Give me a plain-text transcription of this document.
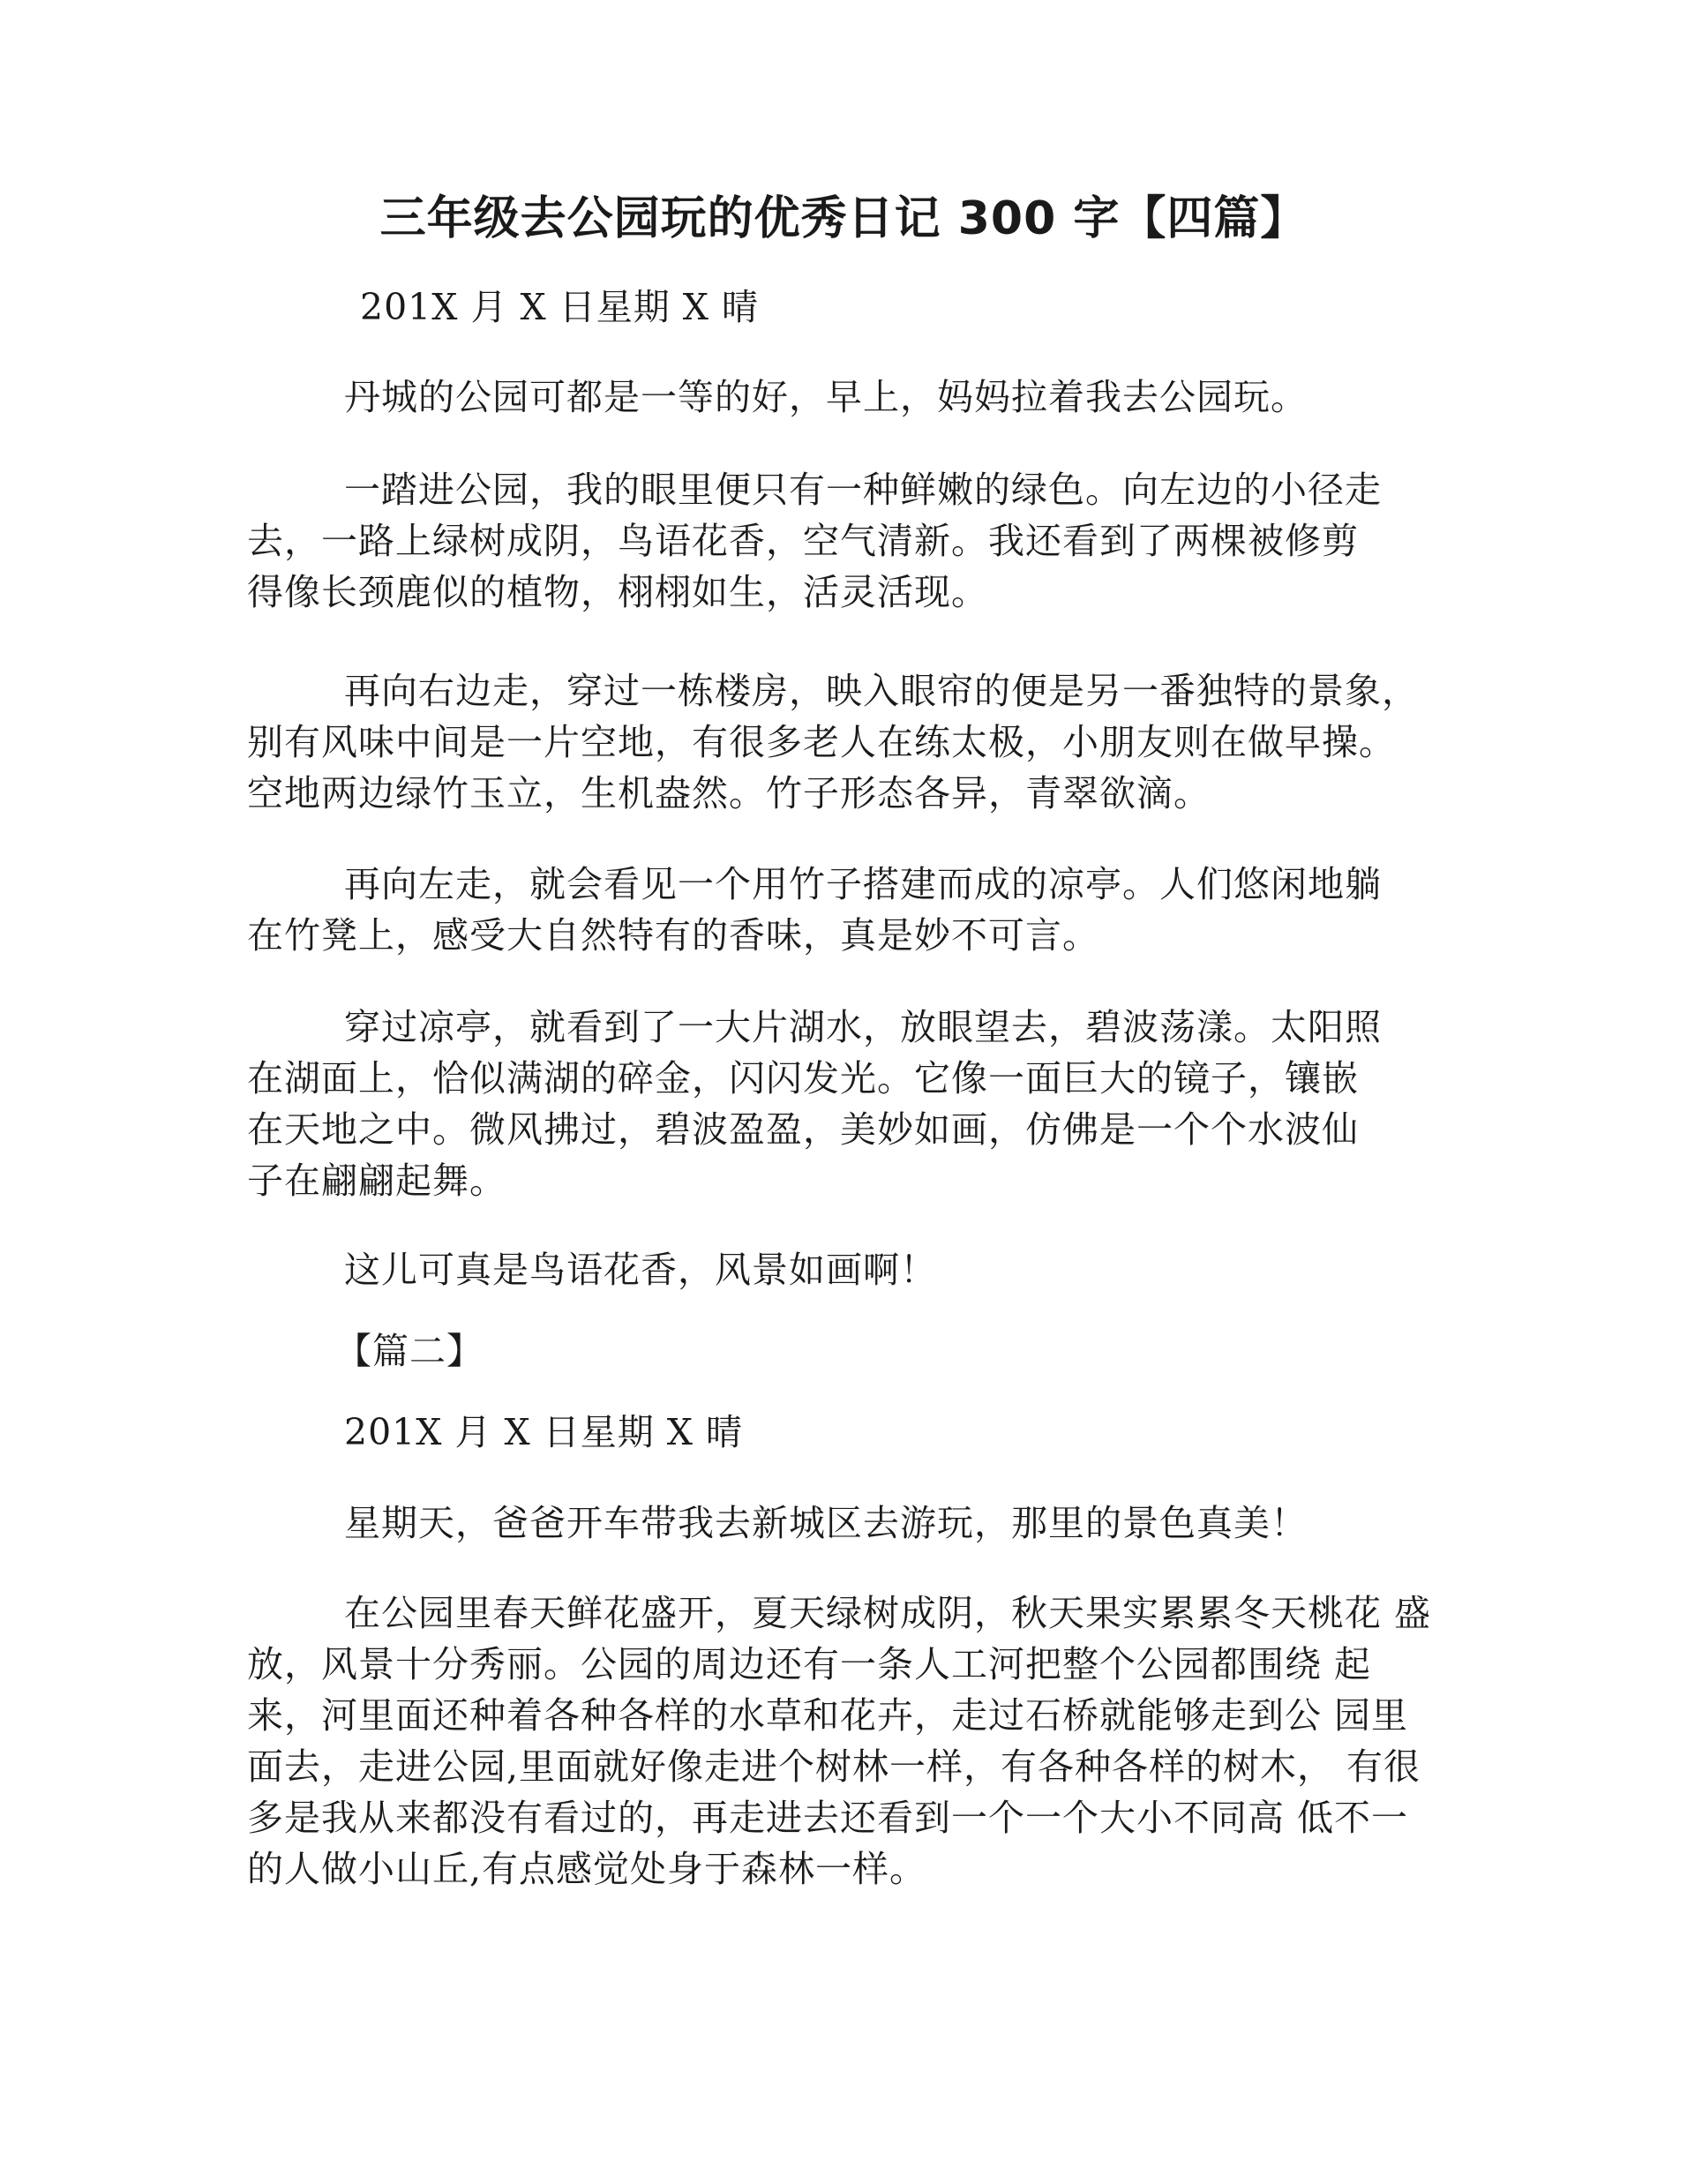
三年级去公园玩的优秀日记 300 字【四篇】

201X 月 X 日星期 X 晴

丹城的公园可都是一等的好，早上，妈妈拉着我去公园玩。

一踏进公园，我的眼里便只有一种鲜嫩的绿色。向左边的小径走

去，一路上绿树成阴，鸟语花香，空气清新。我还看到了两棵被修剪

得像长颈鹿似的植物，栩栩如生，活灵活现。

再向右边走，穿过一栋楼房，映入眼帘的便是另一番独特的景象，

别有风味中间是一片空地，有很多老人在练太极，小朋友则在做早操。

空地两边绿竹玉立，生机盎然。竹子形态各异，青翠欲滴。

再向左走，就会看见一个用竹子搭建而成的凉亭。人们悠闲地躺

在竹凳上，感受大自然特有的香味，真是妙不可言。

穿过凉亭，就看到了一大片湖水，放眼望去，碧波荡漾。太阳照

在湖面上，恰似满湖的碎金，闪闪发光。它像一面巨大的镜子，镶嵌

在天地之中。微风拂过，碧波盈盈，美妙如画，仿佛是一个个水波仙

子在翩翩起舞。

这儿可真是鸟语花香，风景如画啊！

【篇二】

201X 月 X 日星期 X 晴

星期天，爸爸开车带我去新城区去游玩，那里的景色真美！

在公园里春天鲜花盛开，夏天绿树成阴，秋天果实累累冬天桃花 盛

放，风景十分秀丽。公园的周边还有一条人工河把整个公园都围绕 起

来，河里面还种着各种各样的水草和花卉，走过石桥就能够走到公 园里

面去，走进公园,里面就好像走进个树林一样，有各种各样的树木， 有很

多是我从来都没有看过的，再走进去还看到一个一个大小不同高 低不一

的人做小山丘,有点感觉处身于森林一样。
